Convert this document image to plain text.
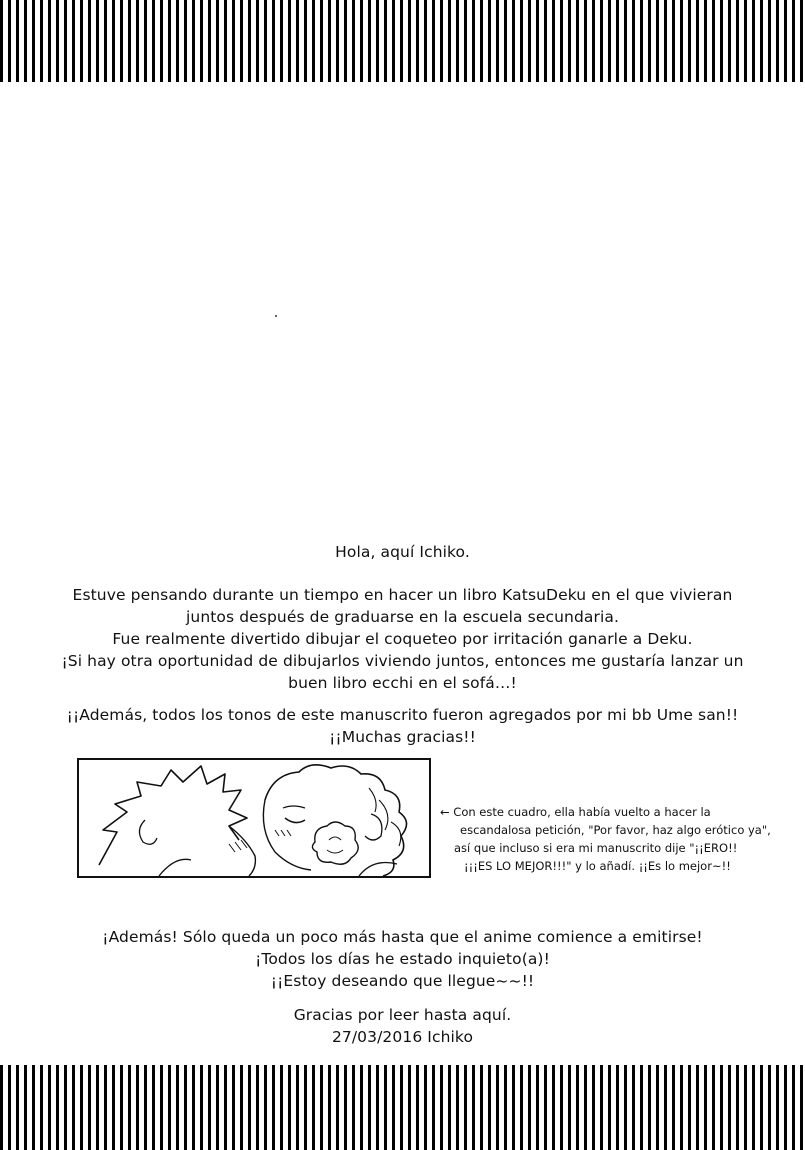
Hola, aquí Ichiko.
Estuve pensando durante un tiempo en hacer un libro KatsuDeku en el que vivieran
juntos después de graduarse en la escuela secundaria.
Fue realmente divertido dibujar el coqueteo por irritación ganarle a Deku.
¡Si hay otra oportunidad de dibujarlos viviendo juntos, entonces me gustaría lanzar un
buen libro ecchi en el sofá…!
¡¡Además, todos los tonos de este manuscrito fueron agregados por mi bb Ume san!!
¡¡Muchas gracias!!
← Con este cuadro, ella había vuelto a hacer la
escandalosa petición, "Por favor, haz algo erótico ya",
así que incluso si era mi manuscrito dije "¡¡ERO!!
¡¡¡ES LO MEJOR!!!" y lo añadí. ¡¡Es lo mejor~!!
¡Además! Sólo queda un poco más hasta que el anime comience a emitirse!
¡Todos los días he estado inquieto(a)!
¡¡Estoy deseando que llegue~~!!
Gracias por leer hasta aquí.
27/03/2016 Ichiko
